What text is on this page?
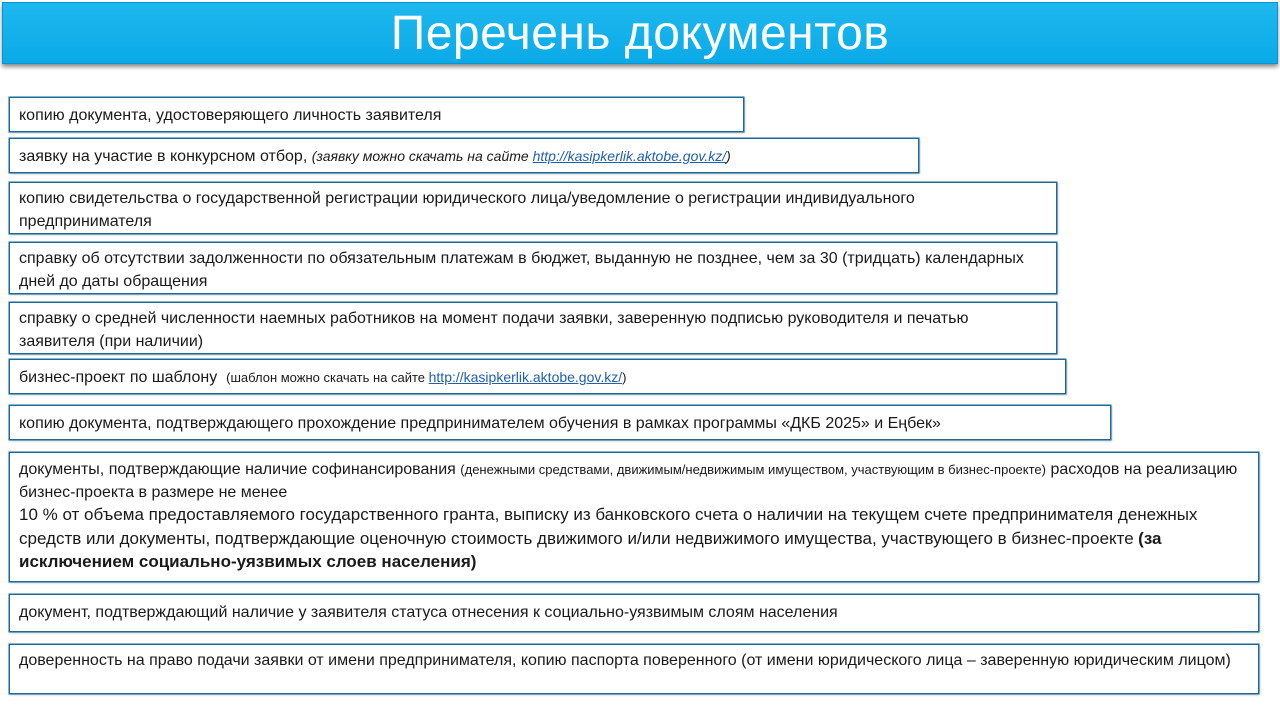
Перечень документов
копию документа, удостоверяющего личность заявителя
заявку на участие в конкурсном отбор, (заявку можно скачать на сайте http://kasipkerlik.aktobe.gov.kz/)
копию свидетельства о государственной регистрации юридического лица/уведомление о регистрации индивидуального предпринимателя
справку об отсутствии задолженности по обязательным платежам в бюджет, выданную не позднее, чем за 30 (тридцать) календарных дней до даты обращения
справку о средней численности наемных работников на момент подачи заявки, заверенную подписью руководителя и печатью заявителя (при наличии)
бизнес-проект по шаблону (шаблон можно скачать на сайте http://kasipkerlik.aktobe.gov.kz/)
копию документа, подтверждающего прохождение предпринимателем обучения в рамках программы «ДКБ 2025» и Еңбек»
документы, подтверждающие наличие софинансирования (денежными средствами, движимым/недвижимым имуществом, участвующим в бизнес-проекте) расходов на реализацию бизнес-проекта в размере не менее
10 % от объема предоставляемого государственного гранта, выписку из банковского счета о наличии на текущем счете предпринимателя денежных средств или документы, подтверждающие оценочную стоимость движимого и/или недвижимого имущества, участвующего в бизнес-проекте (за исключением социально-уязвимых слоев населения)
документ, подтверждающий наличие у заявителя статуса отнесения к социально-уязвимым слоям населения
доверенность на право подачи заявки от имени предпринимателя, копию паспорта поверенного (от имени юридического лица – заверенную юридическим лицом)
